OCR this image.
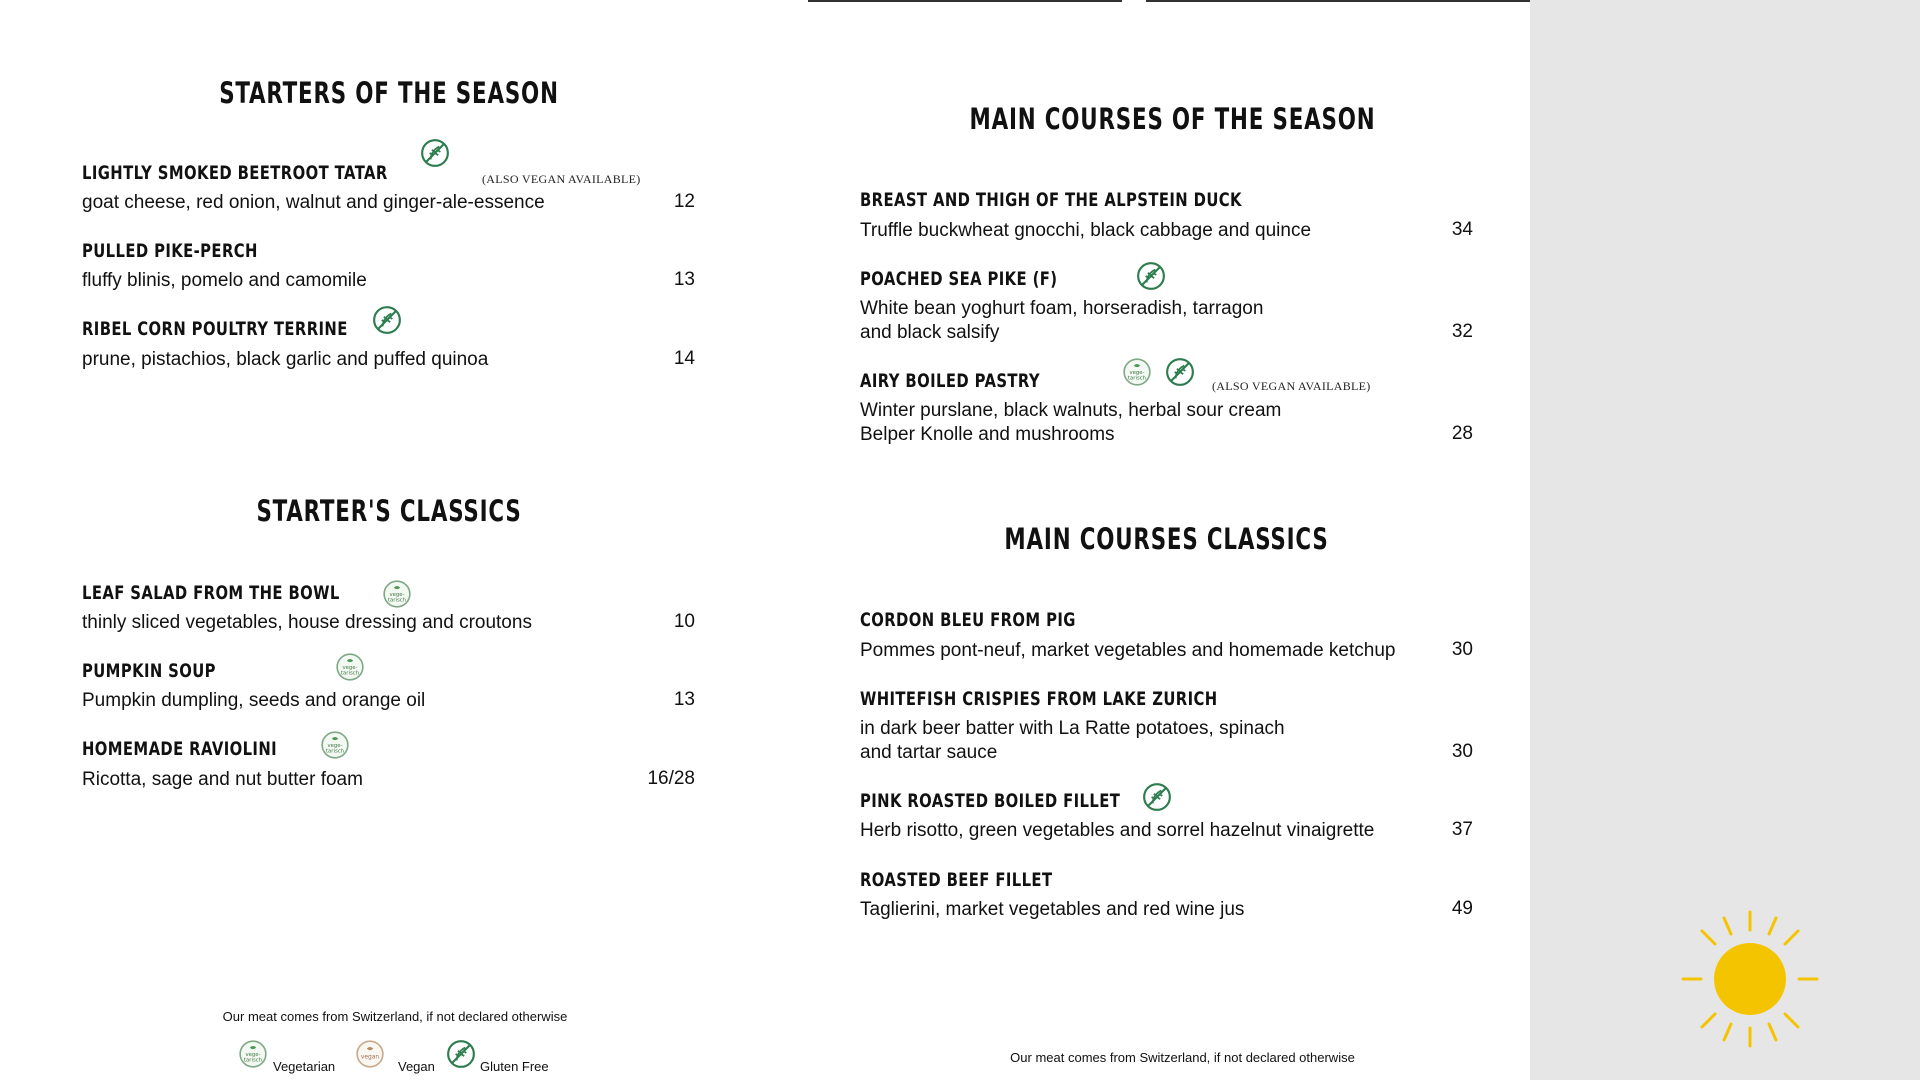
STARTERS OF THE SEASON
LIGHTLY SMOKED BEETROOT TATAR	(ALSO VEGAN AVAILABLE)
goat cheese, red onion, walnut and ginger-ale-essence	12
PULLED PIKE-PERCH
fluffy blinis, pomelo and camomile	13
RIBEL CORN POULTRY TERRINE
prune, pistachios, black garlic and puffed quinoa	14
STARTER'S CLASSICS
LEAF SALAD FROM THE BOWL
thinly sliced vegetables, house dressing and croutons	10
PUMPKIN SOUP
Pumpkin dumpling, seeds and orange oil	13
HOMEMADE RAVIOLINI
Ricotta, sage and nut butter foam	16/28
Our meat comes from Switzerland, if not declared otherwise
Vegetarian	Vegan	Gluten Free
MAIN COURSES OF THE SEASON
BREAST AND THIGH OF THE ALPSTEIN DUCK
Truffle buckwheat gnocchi, black cabbage and quince	34
POACHED SEA PIKE (F)
White bean yoghurt foam, horseradish, tarragon
and black salsify	32
AIRY BOILED PASTRY	(ALSO VEGAN AVAILABLE)
Winter purslane, black walnuts, herbal sour cream
Belper Knolle and mushrooms	28
MAIN COURSES CLASSICS
CORDON BLEU FROM PIG
Pommes pont-neuf, market vegetables and homemade ketchup	30
WHITEFISH CRISPIES FROM LAKE ZURICH
in dark beer batter with La Ratte potatoes, spinach
and tartar sauce	30
PINK ROASTED BOILED FILLET
Herb risotto, green vegetables and sorrel hazelnut vinaigrette	37
ROASTED BEEF FILLET
Taglierini, market vegetables and red wine jus	49
Our meat comes from Switzerland, if not declared otherwise
